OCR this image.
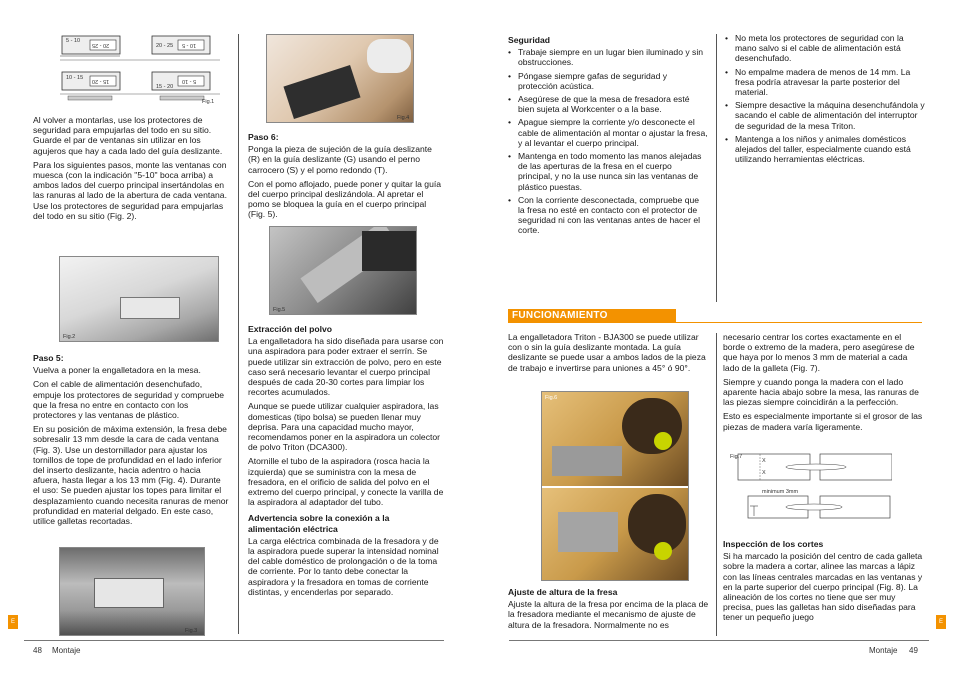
5 - 10
20 - 25
10 - 15
15 - 20
10 - 5
5 - 10
20 - 25
15 - 20
Fig.1

Al volver a montarlas, use los protectores de seguridad para empujarlas del todo en su sitio. Guarde el par de ventanas sin utilizar en los agujeros que hay a cada lado del guía deslizante.

Para los siguientes pasos, monte las ventanas con muesca (con la indicación "5-10" boca arriba) a ambos lados del cuerpo principal insertándolas en las ranuras al lado de la abertura de cada ventana. Use los protectores de seguridad para empujarlas del todo en su sitio (Fig. 2).

Fig.2
Paso 5:

Vuelva a poner la engalletadora en la mesa.

Con el cable de alimentación desenchufado, empuje los protectores de seguridad y compruebe que la fresa no entre en contacto con los protectores y las ventanas de plástico.

En su posición de máxima extensión, la fresa debe sobresalir 13 mm desde la cara de cada ventana (Fig. 3). Use un destornillador para ajustar los tornillos de tope de profundidad en el lado inferior del inserto deslizante, hacia adentro o hacia afuera, hasta llegar a los 13 mm (Fig. 4). Durante el uso: Se pueden ajustar los topes para limitar el desplazamiento cuando necesita ranuras de menor profundidad en material delgado. En este caso, utilice galletas recortadas.

Fig.3
Fig.4
Paso 6:

Ponga la pieza de sujeción de la guía deslizante (R) en la guía deslizante (G) usando el perno carrocero (S) y el pomo redondo (T).

Con el pomo aflojado, puede poner y quitar la guía del cuerpo principal deslizándola. Al apretar el pomo se bloquea la guía en el cuerpo principal (Fig. 5).

Fig.5
Extracción del polvo

La engalletadora ha sido diseñada para usarse con una aspiradora para poder extraer el serrín. Se puede utilizar sin extracción de polvo, pero en este caso será necesario levantar el cuerpo principal después de cada 20-30 cortes para limpiar los recortes acumulados.

Aunque se puede utilizar cualquier aspiradora, las domesticas (tipo bolsa) se pueden llenar muy deprisa. Para una capacidad mucho mayor, recomendamos poner en la aspiradora un colector de polvo Triton (DCA300).

Atornille el tubo de la aspiradora (rosca hacia la izquierda) que se suministra con la mesa de fresadora, en el orificio de salida del polvo en el extremo del cuerpo principal, y conecte la varilla de la aspiradora al adaptador del tubo.

Advertencia sobre la conexión a la alimentación eléctrica

La carga eléctrica combinada de la fresadora y de la aspiradora puede superar la intensidad nominal del cable doméstico de prolongación o de la toma de corriente. Por lo tanto debe conectar la aspiradora y la fresadora en tomas de corriente distintas, y encenderlas por separado.

48 Montaje
E
Seguridad
• Trabaje siempre en un lugar bien iluminado y sin obstrucciones.
• Póngase siempre gafas de seguridad y protección acústica.
• Asegúrese de que la mesa de fresadora esté bien sujeta al Workcenter o a la base.
• Apague siempre la corriente y/o desconecte el cable de alimentación al montar o ajustar la fresa, y al levantar el cuerpo principal.
• Mantenga en todo momento las manos alejadas de las aperturas de la fresa en el cuerpo principal, y no la use nunca sin las ventanas de plástico puestas.
• Con la corriente desconectada, compruebe que la fresa no esté en contacto con el protector de seguridad ni con las ventanas antes de hacer el corte.
• No meta los protectores de seguridad con la mano salvo si el cable de alimentación está desenchufado.
• No empalme madera de menos de 14 mm. La fresa podría atravesar la parte posterior del material.
• Siempre desactive la máquina desenchufándola y sacando el cable de alimentación del interruptor de seguridad de la mesa Triton.
• Mantenga a los niños y animales domésticos alejados del taller, especialmente cuando está utilizando herramientas eléctricas.
FUNCIONAMIENTO

La engalletadora Triton - BJA300 se puede utilizar con o sin la guía deslizante montada. La guía deslizante se puede usar a ambos lados de la pieza de trabajo e invertirse para uniones a 45° ó 90°.

Fig.6
Ajuste de altura de la fresa

Ajuste la altura de la fresa por encima de la placa de la fresadora mediante el mecanismo de ajuste de altura de la fresadora. Normalmente no es

necesario centrar los cortes exactamente en el borde o extremo de la madera, pero asegúrese de que haya por lo menos 3 mm de material a cada lado de la galleta (Fig. 7).

Siempre y cuando ponga la madera con el lado aparente hacia abajo sobre la mesa, las ranuras de las piezas siempre coincidirán a la perfección.

Esto es especialmente importante si el grosor de las piezas de madera varía ligeramente.

Fig.7
X
X
minimum 3mm
Inspección de los cortes

Si ha marcado la posición del centro de cada galleta sobre la madera a cortar, alinee las marcas a lápiz con las líneas centrales marcadas en las ventanas y en la parte superior del cuerpo principal (Fig. 8). La alineación de los cortes no tiene que ser muy precisa, pues las galletas han sido diseñadas para tener un pequeño juego

Montaje 49
E
